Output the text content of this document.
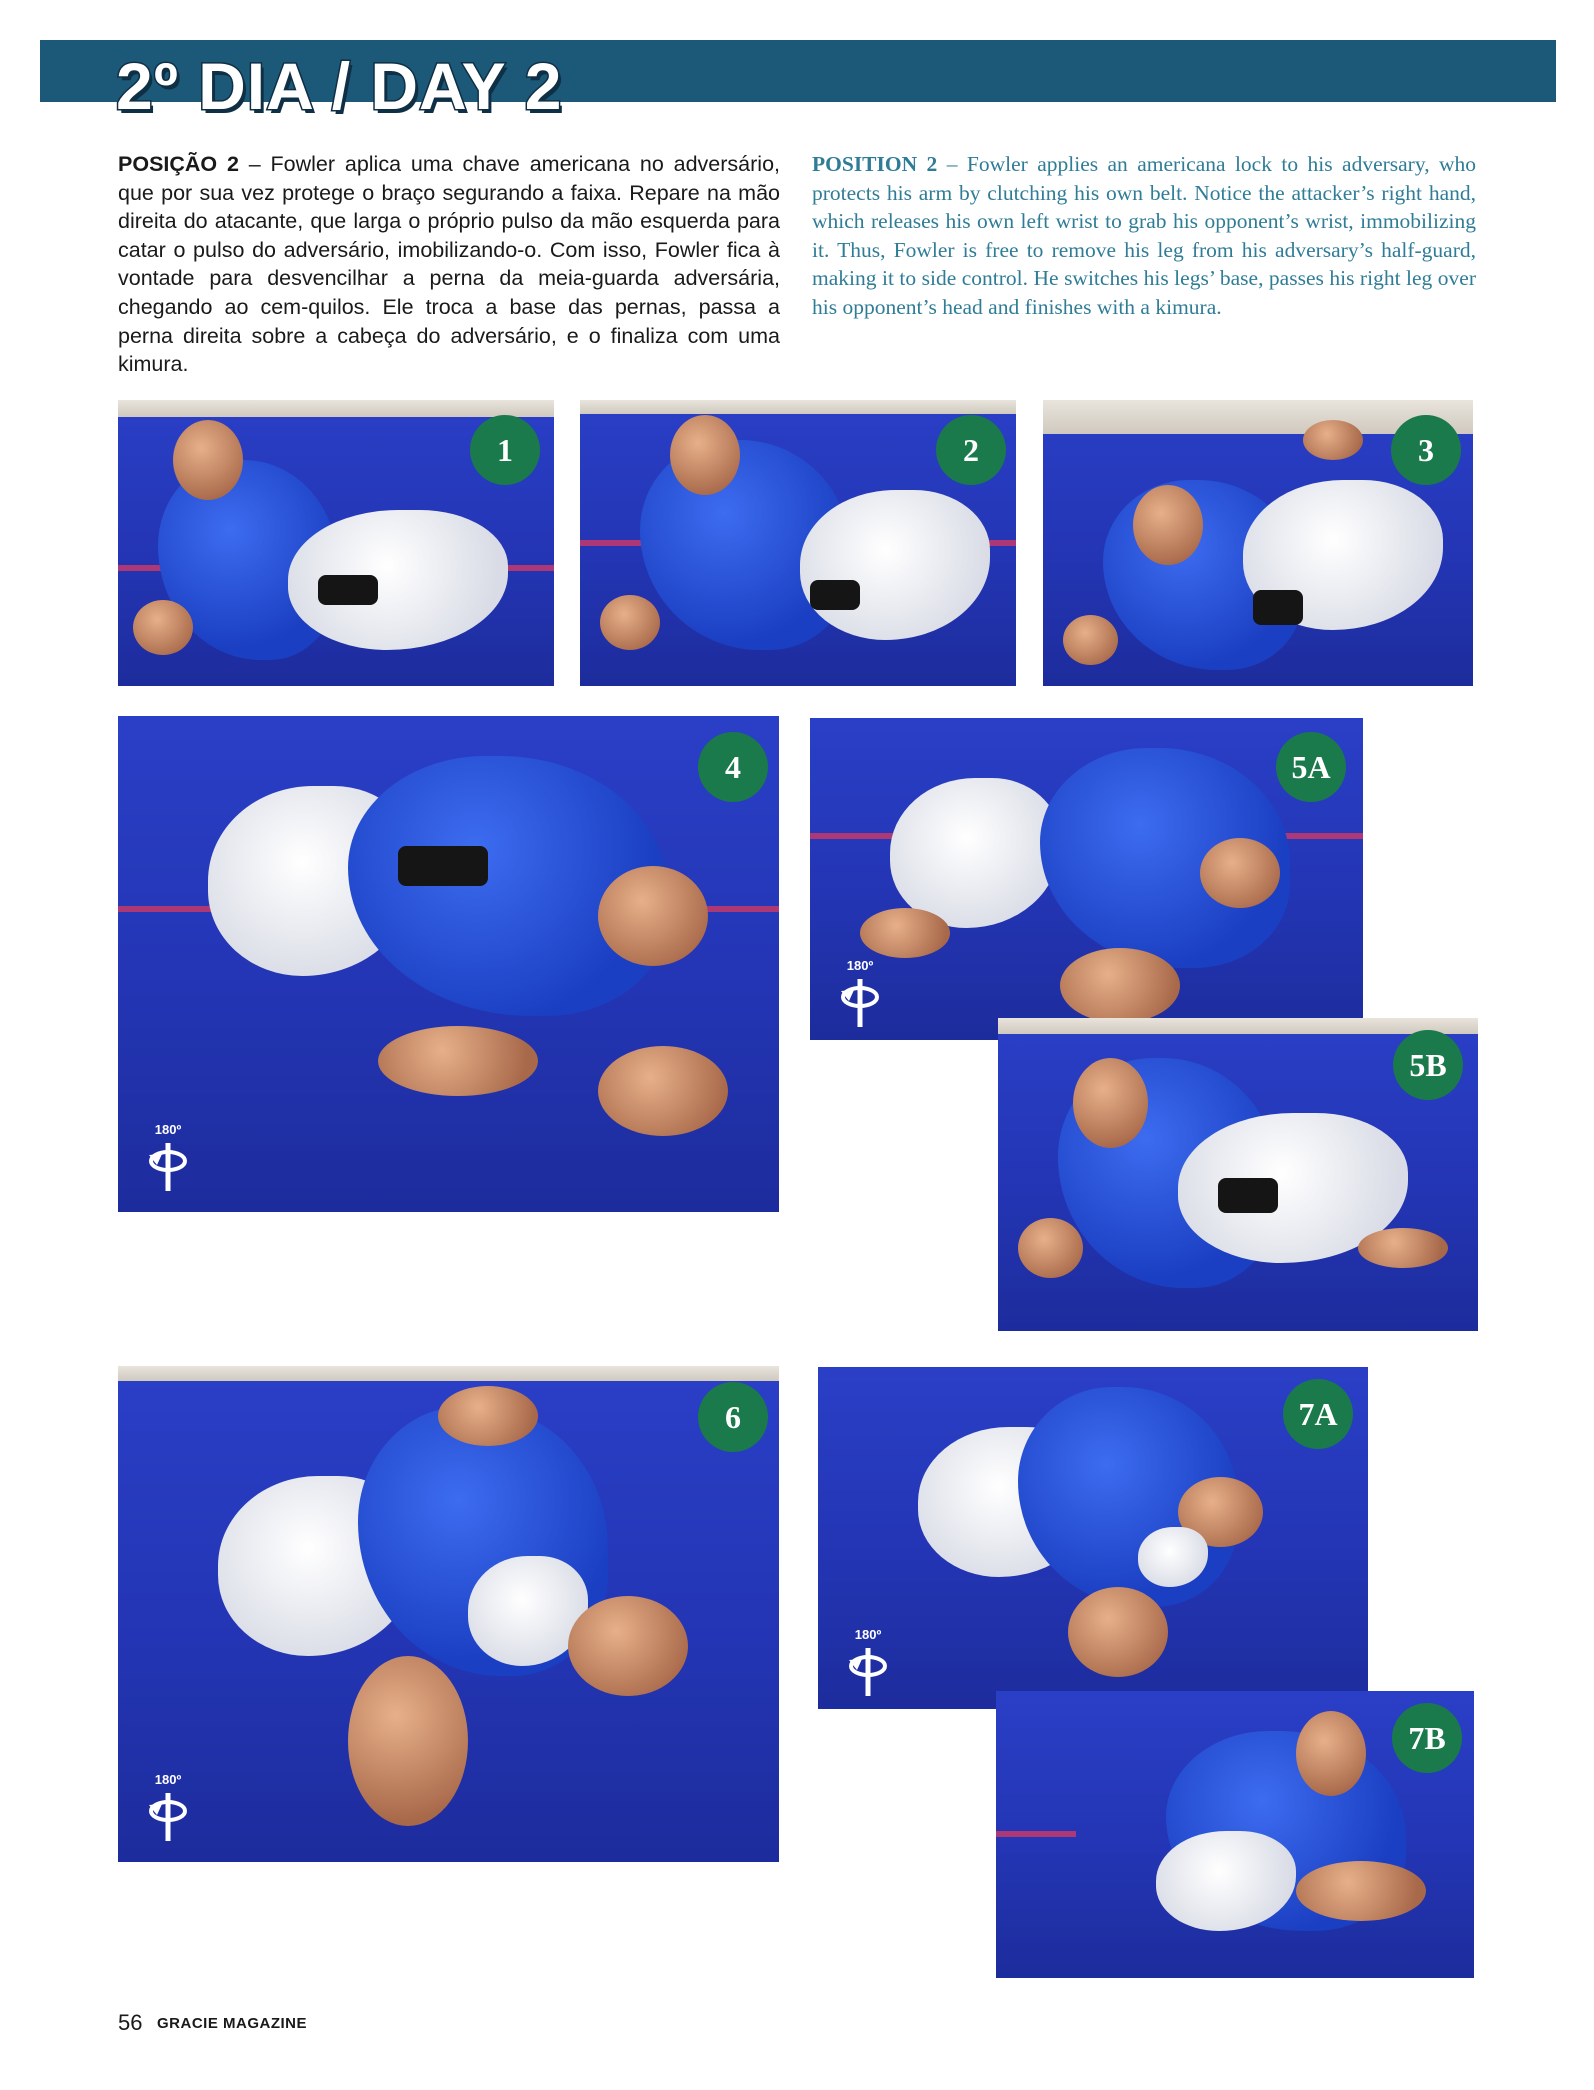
2º DIA / DAY 2

POSIÇÃO 2 – Fowler aplica uma chave americana no adversário, que por sua vez protege o braço segurando a faixa. Repare na mão direita do atacante, que larga o próprio pulso da mão esquerda para catar o pulso do adversário, imobilizando-o. Com isso, Fowler fica à vontade para desvencilhar a perna da meia-guarda adversária, chegando ao cem-quilos. Ele troca a base das pernas, passa a perna direita sobre a cabeça do adversário, e o finaliza com uma kimura.

POSITION 2 – Fowler applies an americana lock to his adversary, who protects his arm by clutching his own belt. Notice the attacker’s right hand, which releases his own left wrist to grab his opponent’s wrist, immobilizing it. Thus, Fowler is free to remove his leg from his adversary’s half-guard, making it to side control. He switches his legs’ base, passes his right leg over his opponent’s head and finishes with a kimura.

1	2	3
4
180º
5A
180º
5B
6
180º
7A
180º
7B
56 GRACIE MAGAZINE
